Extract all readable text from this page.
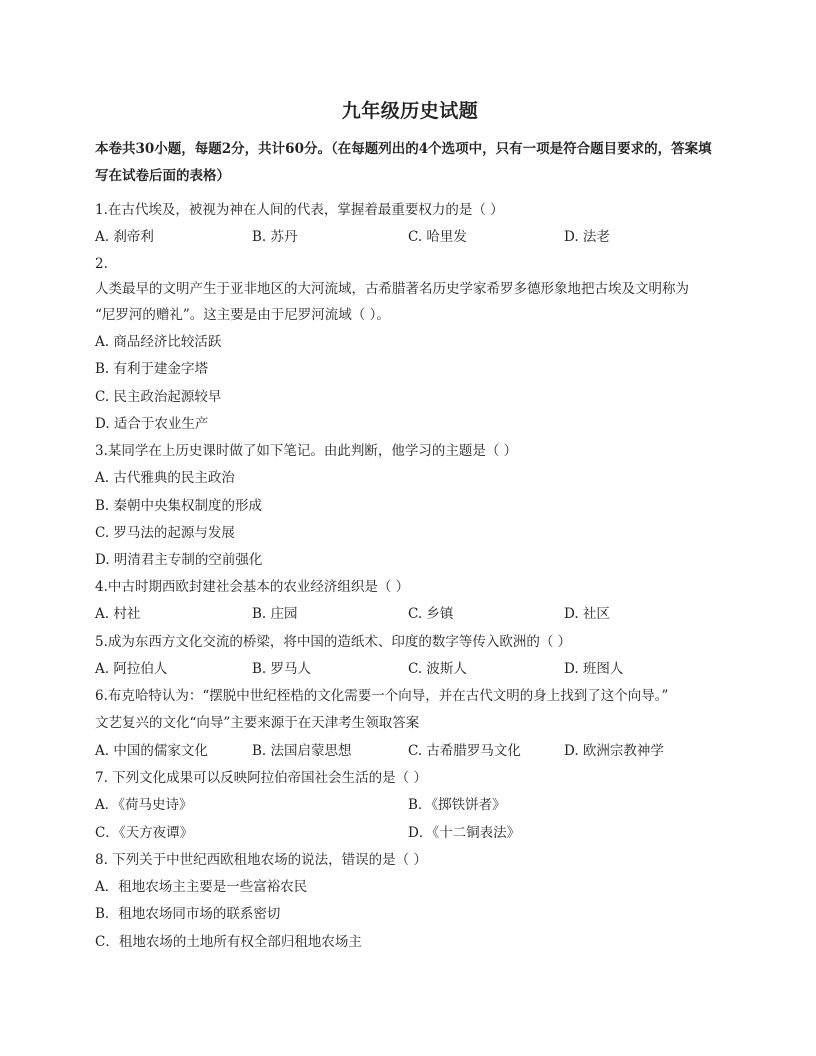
九年级历史试题
本卷共30小题，每题2分，共计60分。（在每题列出的4个选项中，只有一项是符合题目要求的，答案填写在试卷后面的表格）
1.在古代埃及，被视为神在人间的代表，掌握着最重要权力的是（ ）
A. 刹帝利	B. 苏丹	C. 哈里发	D. 法老
2.
人类最早的文明产生于亚非地区的大河流域，古希腊著名历史学家希罗多德形象地把古埃及文明称为
“尼罗河的赠礼”。这主要是由于尼罗河流域（ ）。
A. 商品经济比较活跃
B. 有利于建金字塔
C. 民主政治起源较早
D. 适合于农业生产
3.某同学在上历史课时做了如下笔记。由此判断，他学习的主题是（ ）
A. 古代雅典的民主政治
B. 秦朝中央集权制度的形成
C. 罗马法的起源与发展
D. 明清君主专制的空前强化
4.中古时期西欧封建社会基本的农业经济组织是（ ）
A. 村社	B. 庄园	C. 乡镇	D. 社区
5.成为东西方文化交流的桥梁，将中国的造纸术、印度的数字等传入欧洲的（ ）
A. 阿拉伯人	B. 罗马人	C. 波斯人	D. 班图人
6.布克哈特认为：“摆脱中世纪桎梏的文化需要一个向导，并在古代文明的身上找到了这个向导。”
文艺复兴的文化“向导”主要来源于在天津考生领取答案
A. 中国的儒家文化	B. 法国启蒙思想	C. 古希腊罗马文化	D. 欧洲宗教神学
7. 下列文化成果可以反映阿拉伯帝国社会生活的是（ ）
A．《荷马史诗》	B．《掷铁饼者》
C．《天方夜谭》	D．《十二铜表法》
8. 下列关于中世纪西欧租地农场的说法，错误的是（ ）
A．租地农场主主要是一些富裕农民
B．租地农场同市场的联系密切
C．租地农场的土地所有权全部归租地农场主
